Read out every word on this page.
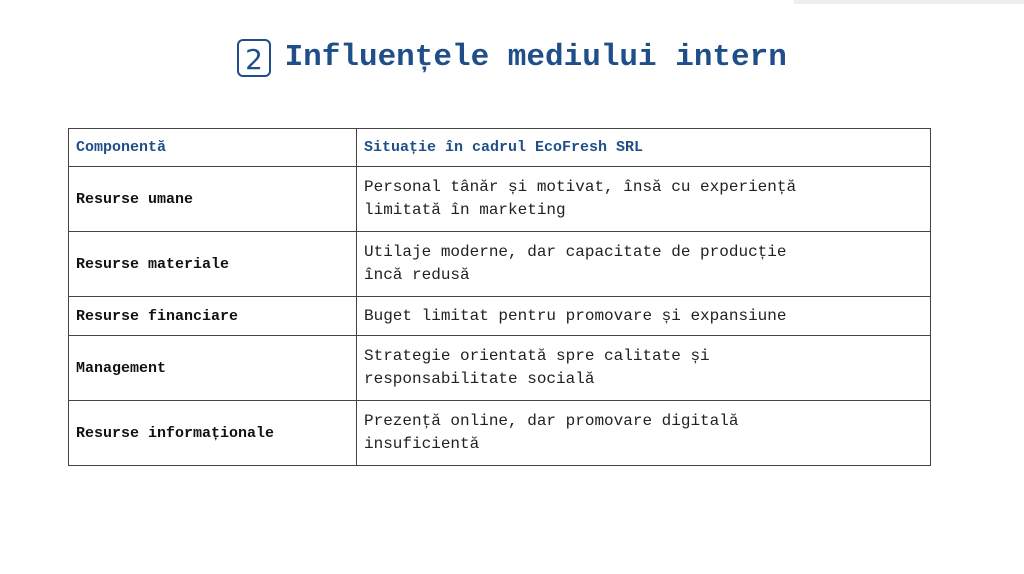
2 Influențele mediului intern
Componentă	Situație în cadrul EcoFresh SRL
Resurse umane	Personal tânăr și motivat, însă cu experiență
limitată în marketing

Resurse materiale	Utilaje moderne, dar capacitate de producție
încă redusă

Resurse financiare	Buget limitat pentru promovare și expansiune

Management	Strategie orientată spre calitate și
responsabilitate socială

Resurse informaționale	Prezență online, dar promovare digitală
insuficientă
